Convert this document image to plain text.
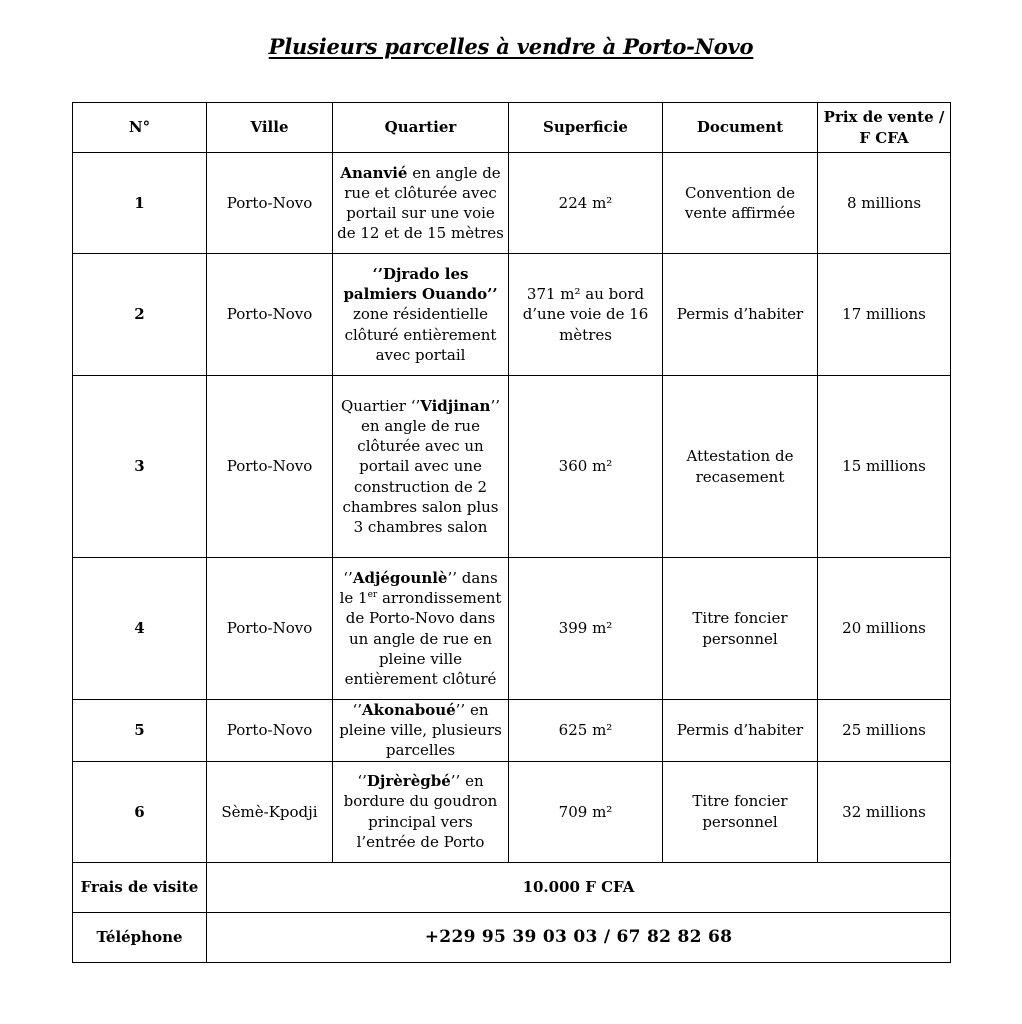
Plusieurs parcelles à vendre à Porto-Novo
N°	Ville	Quartier	Superficie	Document	Prix de vente / F CFA
1	Porto-Novo	Ananvié en angle de rue et clôturée avec portail sur une voie de 12 et de 15 mètres	224 m²	Convention de vente affirmée	8 millions
2	Porto-Novo	‘’Djrado les palmiers Ouando’’ zone résidentielle clôturé entièrement avec portail	371 m² au bord d’une voie de 16 mètres	Permis d’habiter	17 millions
3	Porto-Novo	Quartier ‘’Vidjinan’’ en angle de rue clôturée avec un portail avec une construction de 2 chambres salon plus 3 chambres salon	360 m²	Attestation de recasement	15 millions
4	Porto-Novo	‘’Adjégounlè’’ dans le 1er arrondissement de Porto-Novo dans un angle de rue en pleine ville entièrement clôturé	399 m²	Titre foncier personnel	20 millions
5	Porto-Novo	‘’Akonaboué’’ en pleine ville, plusieurs parcelles	625 m²	Permis d’habiter	25 millions
6	Sèmè-Kpodji	‘’Djrèrègbé’’ en bordure du goudron principal vers l’entrée de Porto	709 m²	Titre foncier personnel	32 millions
Frais de visite	10.000 F CFA				
Téléphone	+229 95 39 03 03 / 67 82 82 68				
